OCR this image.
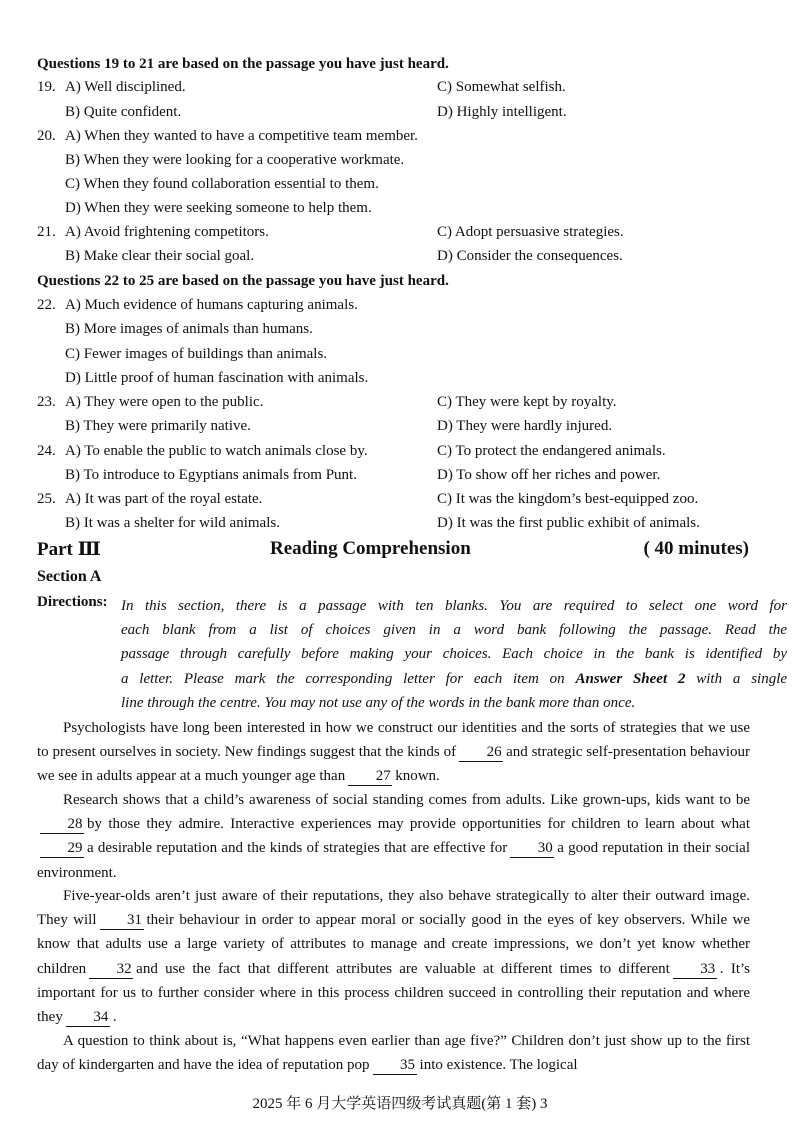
Questions 19 to 21 are based on the passage you have just heard.
19. A) Well disciplined.	C) Somewhat selfish.
B) Quite confident.	D) Highly intelligent.
20. A) When they wanted to have a competitive team member.
B) When they were looking for a cooperative workmate.
C) When they found collaboration essential to them.
D) When they were seeking someone to help them.
21. A) Avoid frightening competitors.	C) Adopt persuasive strategies.
B) Make clear their social goal.	D) Consider the consequences.
Questions 22 to 25 are based on the passage you have just heard.
22. A) Much evidence of humans capturing animals.
B) More images of animals than humans.
C) Fewer images of buildings than animals.
D) Little proof of human fascination with animals.
23. A) They were open to the public.	C) They were kept by royalty.
B) They were primarily native.	D) They were hardly injured.
24. A) To enable the public to watch animals close by.	C) To protect the endangered animals.
B) To introduce to Egyptians animals from Punt.	D) To show off her riches and power.
25. A) It was part of the royal estate.	C) It was the kingdom’s best-equipped zoo.
B) It was a shelter for wild animals.	D) It was the first public exhibit of animals.
Part Ⅲ	Reading Comprehension	( 40 minutes)
Section A
Directions: In this section, there is a passage with ten blanks. You are required to select one word for
each blank from a list of choices given in a word bank following the passage. Read the
passage through carefully before making your choices. Each choice in the bank is identified by
a letter. Please mark the corresponding letter for each item on Answer Sheet 2 with a single
line through the centre. You may not use any of the words in the bank more than once.
Psychologists have long been interested in how we construct our identities and the sorts of strategies that we use to present ourselves in society. New findings suggest that the kinds of 26 and strategic self-presentation behaviour we see in adults appear at a much younger age than 27 known.
Research shows that a child’s awareness of social standing comes from adults. Like grown-ups, kids want to be28 by those they admire. Interactive experiences may provide opportunities for children to learn about what29 a desirable reputation and the kinds of strategies that are effective for 30 a good reputation in their social environment.
Five-year-olds aren’t just aware of their reputations, they also behave strategically to alter their outward image. They will 31 their behaviour in order to appear moral or socially good in the eyes of key observers. While we know that adults use a large variety of attributes to manage and create impressions, we don’t yet know whether children 32 and use the fact that different attributes are valuable at different times to different 33 . It’s important for us to further consider where in this process children succeed in controlling their reputation and where they 34 .
A question to think about is, “What happens even earlier than age five?” Children don’t just show up to the first day of kindergarten and have the idea of reputation pop 35 into existence. The logical
2025 年 6 月大学英语四级考试真题(第 1 套) 3
